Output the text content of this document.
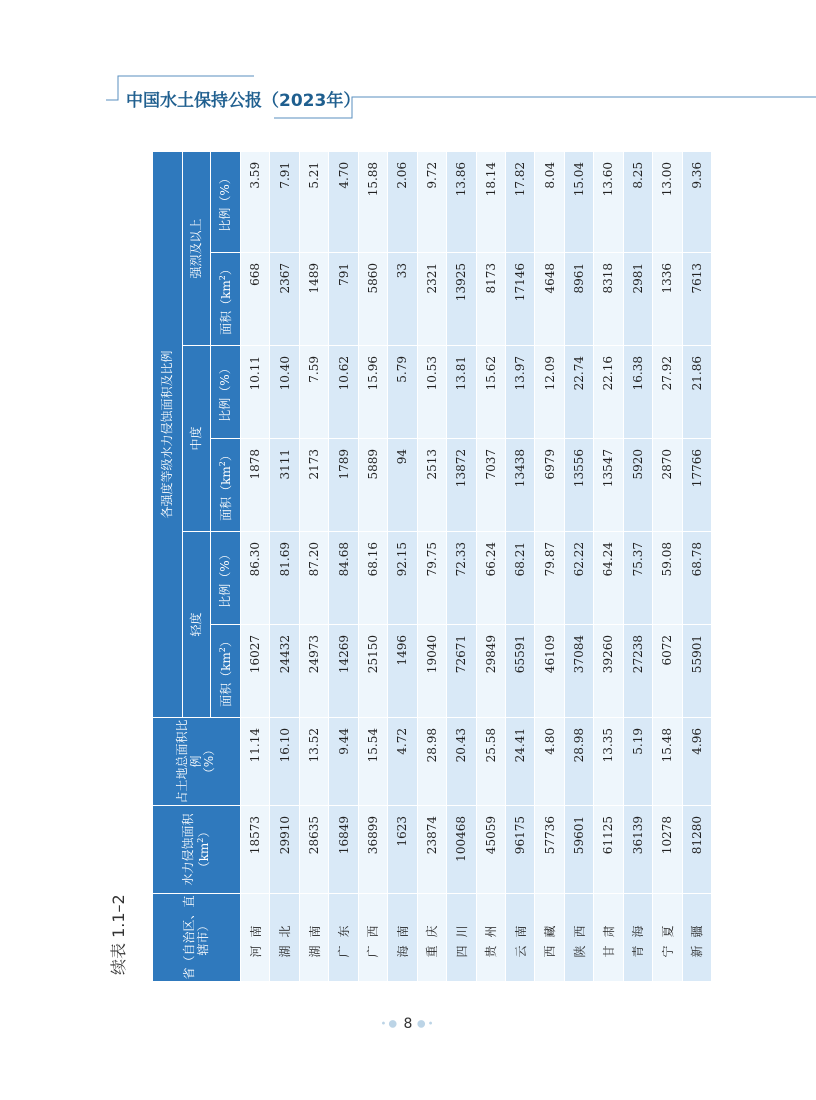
中国水土保持公报（2023年）
续表 1.1–2	省（自治区、直辖市）	水力侵蚀面积 $(km^2)$	占土地总面积比例
（%）	各强度等级水力侵蚀面积及比例					
			轻度		中度		强烈及以上	
			面积$(km^2)$	比例（%）	面积$(km^2)$	比例（%）	面积$(km^2)$	比例（%）
河南	18573	11.14	16027	86.30	1878	10.11	668	3.59
湖北	29910	16.10	24432	81.69	3111	10.40	2367	7.91
湖南	28635	13.52	24973	87.20	2173	7.59	1489	5.21
广东	16849	9.44	14269	84.68	1789	10.62	791	4.70
广西	36899	15.54	25150	68.16	5889	15.96	5860	15.88
海南	1623	4.72	1496	92.15	94	5.79	33	2.06
重庆	23874	28.98	19040	79.75	2513	10.53	2321	9.72
四川	100468	20.43	72671	72.33	13872	13.81	13925	13.86
贵州	45059	25.58	29849	66.24	7037	15.62	8173	18.14
云南	96175	24.41	65591	68.21	13438	13.97	17146	17.82
西藏	57736	4.80	46109	79.87	6979	12.09	4648	8.04
陕西	59601	28.98	37084	62.22	13556	22.74	8961	15.04
甘肃	61125	13.35	39260	64.24	13547	22.16	8318	13.60
青海	36139	5.19	27238	75.37	5920	16.38	2981	8.25
宁夏	10278	15.48	6072	59.08	2870	27.92	1336	13.00
新疆	81280	4.96	55901	68.78	17766	21.86	7613	9.36
•● 8 ●•
